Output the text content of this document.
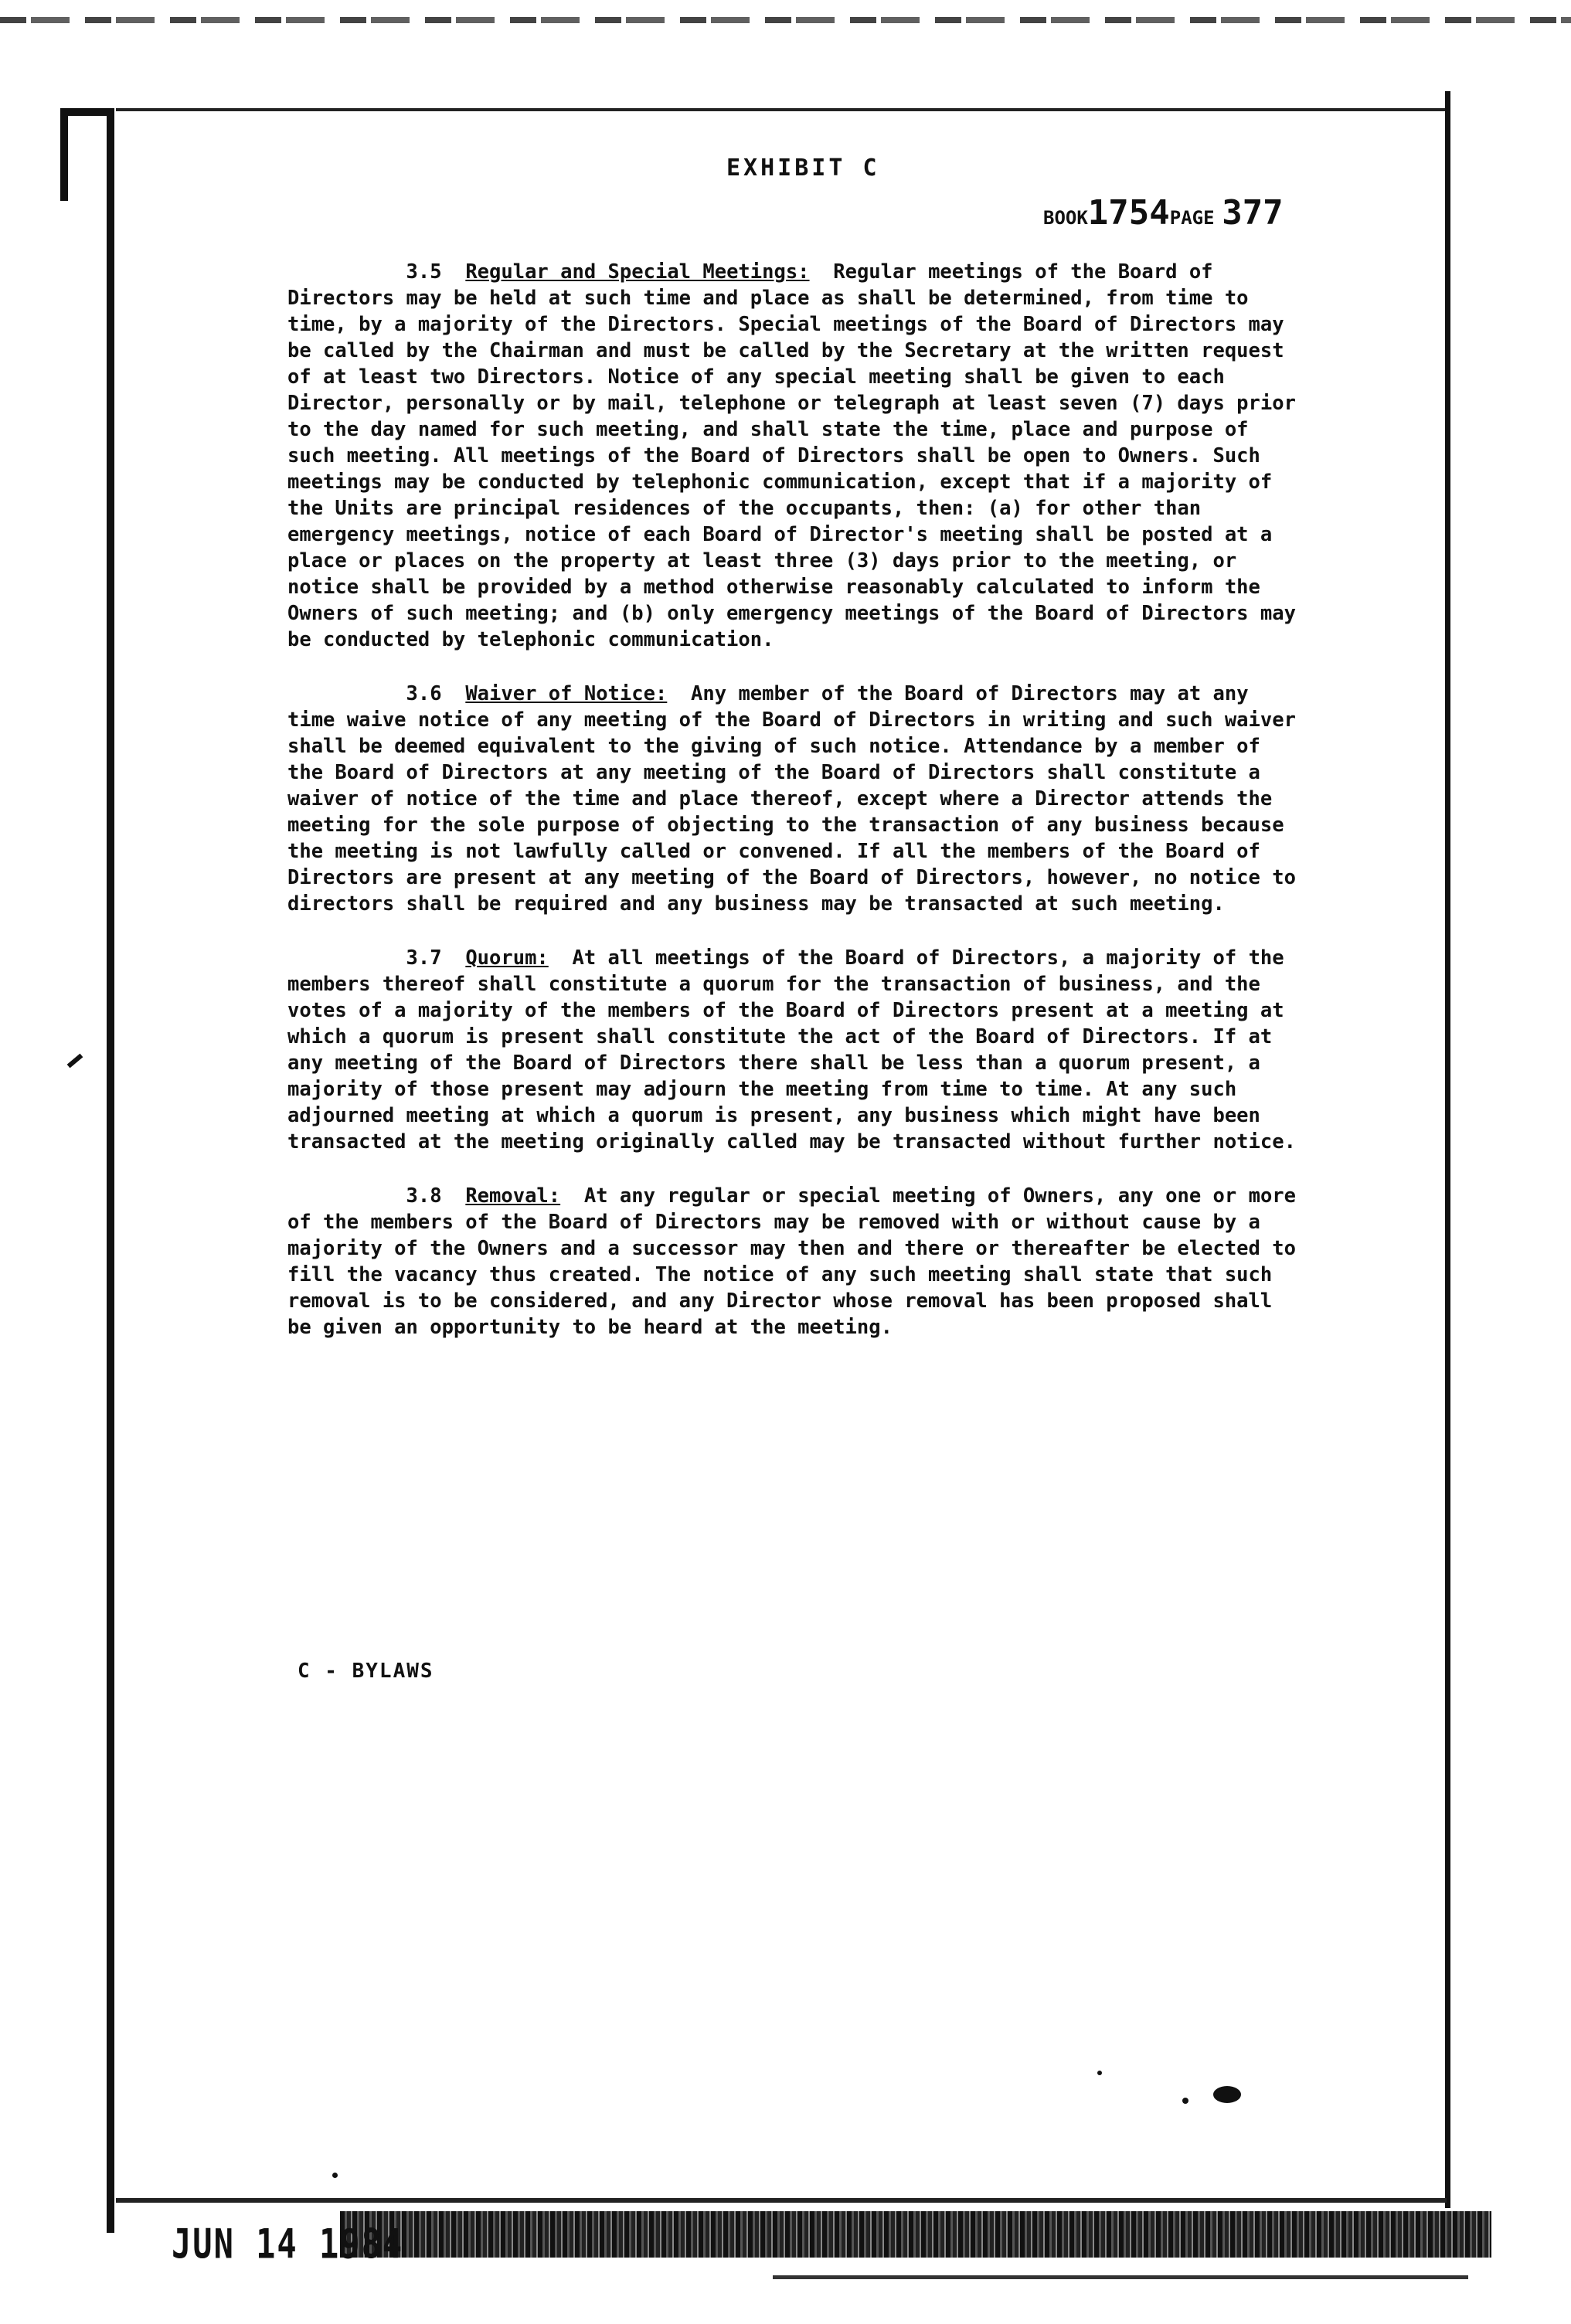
EXHIBIT C
BOOK1754PAGE 377

3.5 Regular and Special Meetings: Regular meetings of the Board of Directors may be held at such time and place as shall be determined, from time to time, by a majority of the Directors. Special meetings of the Board of Directors may be called by the Chairman and must be called by the Secretary at the written request of at least two Directors. Notice of any special meeting shall be given to each Director, personally or by mail, telephone or telegraph at least seven (7) days prior to the day named for such meeting, and shall state the time, place and purpose of such meeting. All meetings of the Board of Directors shall be open to Owners. Such meetings may be conducted by telephonic communication, except that if a majority of the Units are principal residences of the occupants, then: (a) for other than emergency meetings, notice of each Board of Director's meeting shall be posted at a place or places on the property at least three (3) days prior to the meeting, or notice shall be provided by a method otherwise reasonably calculated to inform the Owners of such meeting; and (b) only emergency meetings of the Board of Directors may be conducted by telephonic communication.

3.6 Waiver of Notice: Any member of the Board of Directors may at any time waive notice of any meeting of the Board of Directors in writing and such waiver shall be deemed equivalent to the giving of such notice. Attendance by a member of the Board of Directors at any meeting of the Board of Directors shall constitute a waiver of notice of the time and place thereof, except where a Director attends the meeting for the sole purpose of objecting to the transaction of any business because the meeting is not lawfully called or convened. If all the members of the Board of Directors are present at any meeting of the Board of Directors, however, no notice to directors shall be required and any business may be transacted at such meeting.

3.7 Quorum: At all meetings of the Board of Directors, a majority of the members thereof shall constitute a quorum for the transaction of business, and the votes of a majority of the members of the Board of Directors present at a meeting at which a quorum is present shall constitute the act of the Board of Directors. If at any meeting of the Board of Directors there shall be less than a quorum present, a majority of those present may adjourn the meeting from time to time. At any such adjourned meeting at which a quorum is present, any business which might have been transacted at the meeting originally called may be transacted without further notice.

3.8 Removal: At any regular or special meeting of Owners, any one or more of the members of the Board of Directors may be removed with or without cause by a majority of the Owners and a successor may then and there or thereafter be elected to fill the vacancy thus created. The notice of any such meeting shall state that such removal is to be considered, and any Director whose removal has been proposed shall be given an opportunity to be heard at the meeting.

C - BYLAWS
JUN 14 1984
